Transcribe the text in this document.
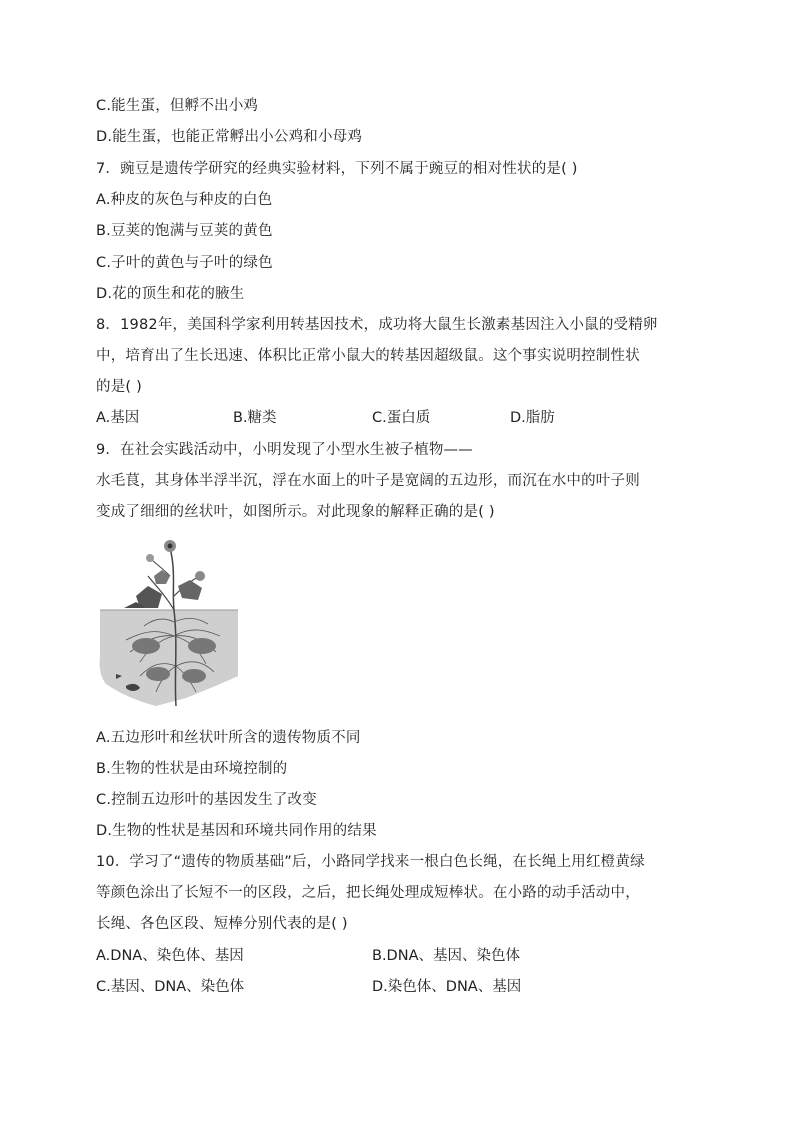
C.能生蛋，但孵不出小鸡
D.能生蛋，也能正常孵出小公鸡和小母鸡
7．豌豆是遗传学研究的经典实验材料，下列不属于豌豆的相对性状的是( )
A.种皮的灰色与种皮的白色
B.豆荚的饱满与豆荚的黄色
C.子叶的黄色与子叶的绿色
D.花的顶生和花的腋生
8．1982年，美国科学家利用转基因技术，成功将大鼠生长激素基因注入小鼠的受精卵
中，培育出了生长迅速、体积比正常小鼠大的转基因超级鼠。这个事实说明控制性状
的是( )
A.基因	B.糖类	C.蛋白质	D.脂肪
9．在社会实践活动中，小明发现了小型水生被子植物——
水毛茛，其身体半浮半沉，浮在水面上的叶子是宽阔的五边形，而沉在水中的叶子则
变成了细细的丝状叶，如图所示。对此现象的解释正确的是( )
A.五边形叶和丝状叶所含的遗传物质不同
B.生物的性状是由环境控制的
C.控制五边形叶的基因发生了改变
D.生物的性状是基因和环境共同作用的结果
10．学习了“遗传的物质基础”后，小路同学找来一根白色长绳，在长绳上用红橙黄绿
等颜色涂出了长短不一的区段，之后，把长绳处理成短棒状。在小路的动手活动中，
长绳、各色区段、短棒分别代表的是( )
A.DNA、染色体、基因	B.DNA、基因、染色体
C.基因、DNA、染色体	D.染色体、DNA、基因
